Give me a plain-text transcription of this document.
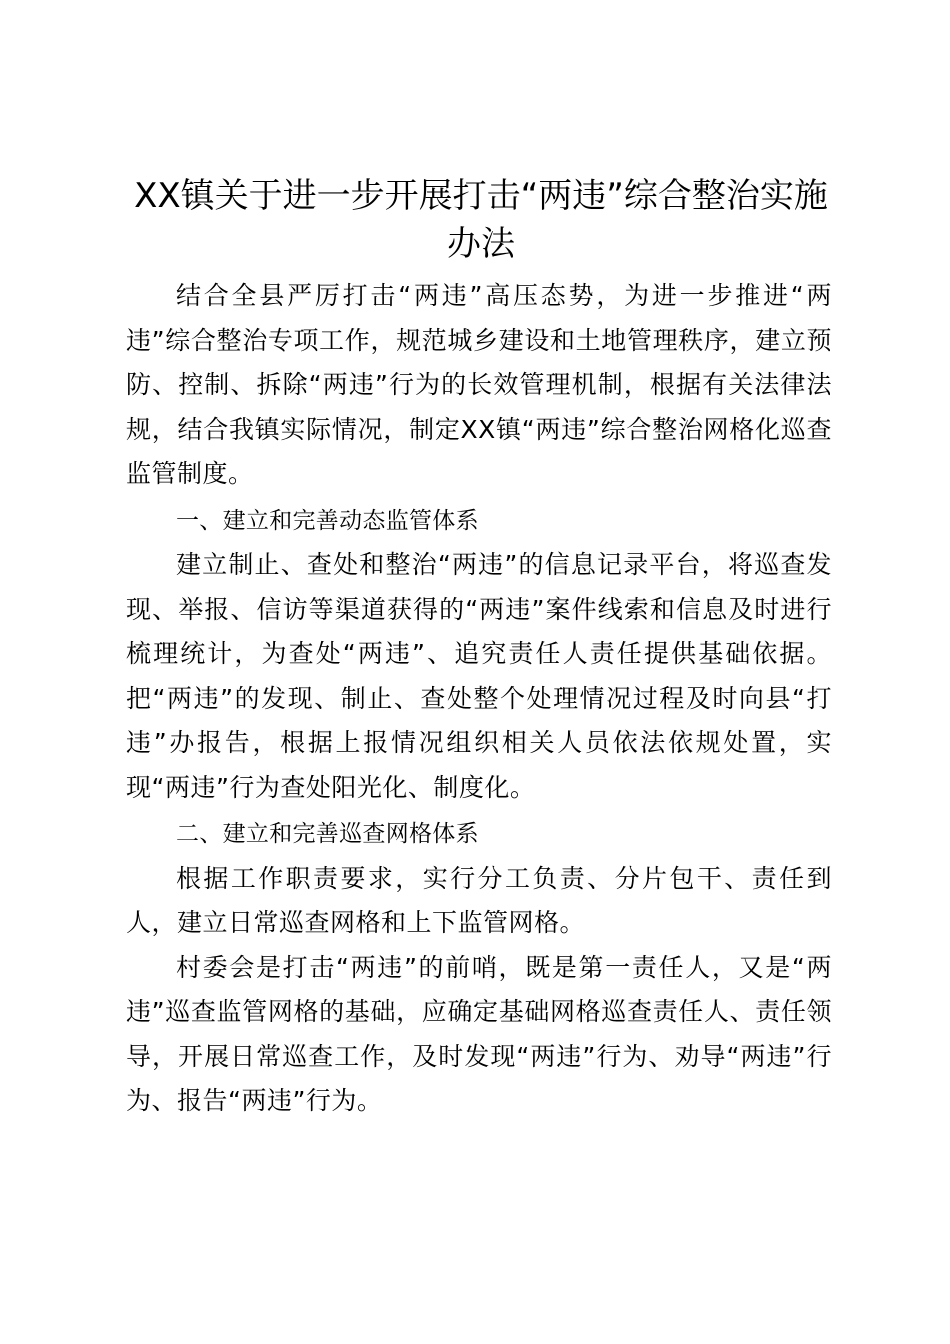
XX镇关于进一步开展打击“两违”综合整治实施办法

结合全县严厉打击“两违”高压态势，为进一步推进“两违”综合整治专项工作，规范城乡建设和土地管理秩序，建立预防、控制、拆除“两违”行为的长效管理机制，根据有关法律法规，结合我镇实际情况，制定XX镇“两违”综合整治网格化巡查监管制度。

一、建立和完善动态监管体系

建立制止、查处和整治“两违”的信息记录平台，将巡查发现、举报、信访等渠道获得的“两违”案件线索和信息及时进行梳理统计，为查处“两违”、追究责任人责任提供基础依据。把“两违”的发现、制止、查处整个处理情况过程及时向县“打违”办报告，根据上报情况组织相关人员依法依规处置，实现“两违”行为查处阳光化、制度化。

二、建立和完善巡查网格体系

根据工作职责要求，实行分工负责、分片包干、责任到人，建立日常巡查网格和上下监管网格。

村委会是打击“两违”的前哨，既是第一责任人，又是“两违”巡查监管网格的基础，应确定基础网格巡查责任人、责任领导，开展日常巡查工作，及时发现“两违”行为、劝导“两违”行为、报告“两违”行为。
